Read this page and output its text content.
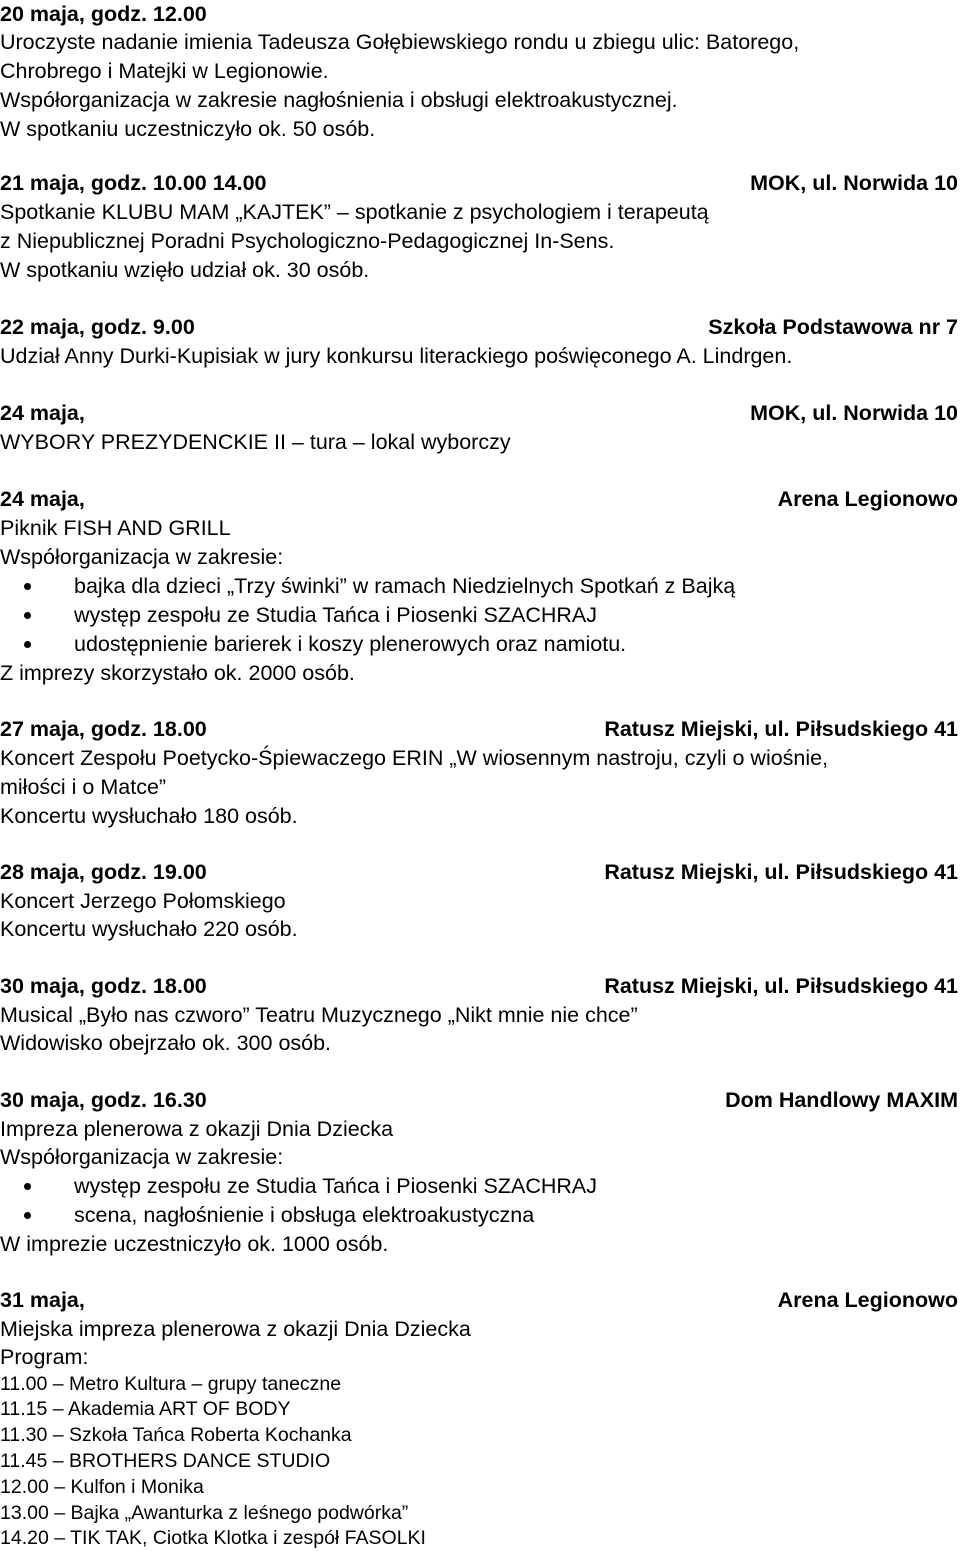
20 maja, godz. 12.00

Uroczyste nadanie imienia Tadeusza Gołębiewskiego rondu u zbiegu ulic: Batorego,

Chrobrego i Matejki w Legionowie.

Współorganizacja w zakresie nagłośnienia i obsługi elektroakustycznej.

W spotkaniu uczestniczyło ok. 50 osób.

21 maja, godz. 10.00 14.00	MOK, ul. Norwida 10

Spotkanie KLUBU MAM „KAJTEK” – spotkanie z psychologiem i terapeutą

z Niepublicznej Poradni Psychologiczno-Pedagogicznej In-Sens.

W spotkaniu wzięło udział ok. 30 osób.

22 maja, godz. 9.00	Szkoła Podstawowa nr 7

Udział Anny Durki-Kupisiak w jury konkursu literackiego poświęconego A. Lindrgen.

24 maja,	MOK, ul. Norwida 10

WYBORY PREZYDENCKIE II – tura – lokal wyborczy

24 maja,	Arena Legionowo

Piknik FISH AND GRILL

Współorganizacja w zakresie:

bajka dla dzieci „Trzy świnki” w ramach Niedzielnych Spotkań z Bajką

występ zespołu ze Studia Tańca i Piosenki SZACHRAJ

udostępnienie barierek i koszy plenerowych oraz namiotu.

Z imprezy skorzystało ok. 2000 osób.

27 maja, godz. 18.00	Ratusz Miejski, ul. Piłsudskiego 41

Koncert Zespołu Poetycko-Śpiewaczego ERIN „W wiosennym nastroju, czyli o wiośnie,

miłości i o Matce”

Koncertu wysłuchało 180 osób.

28 maja, godz. 19.00	Ratusz Miejski, ul. Piłsudskiego 41

Koncert Jerzego Połomskiego

Koncertu wysłuchało 220 osób.

30 maja, godz. 18.00	Ratusz Miejski, ul. Piłsudskiego 41

Musical „Było nas czworo” Teatru Muzycznego „Nikt mnie nie chce”

Widowisko obejrzało ok. 300 osób.

30 maja, godz. 16.30	Dom Handlowy MAXIM

Impreza plenerowa z okazji Dnia Dziecka

Współorganizacja w zakresie:

występ zespołu ze Studia Tańca i Piosenki SZACHRAJ

scena, nagłośnienie i obsługa elektroakustyczna

W imprezie uczestniczyło ok. 1000 osób.

31 maja,	Arena Legionowo

Miejska impreza plenerowa z okazji Dnia Dziecka

Program:

11.00 – Metro Kultura – grupy taneczne

11.15 – Akademia ART OF BODY

11.30 – Szkoła Tańca Roberta Kochanka

11.45 – BROTHERS DANCE STUDIO

12.00 – Kulfon i Monika

13.00 – Bajka „Awanturka z leśnego podwórka”

14.20 – TIK TAK, Ciotka Klotka i zespół FASOLKI
